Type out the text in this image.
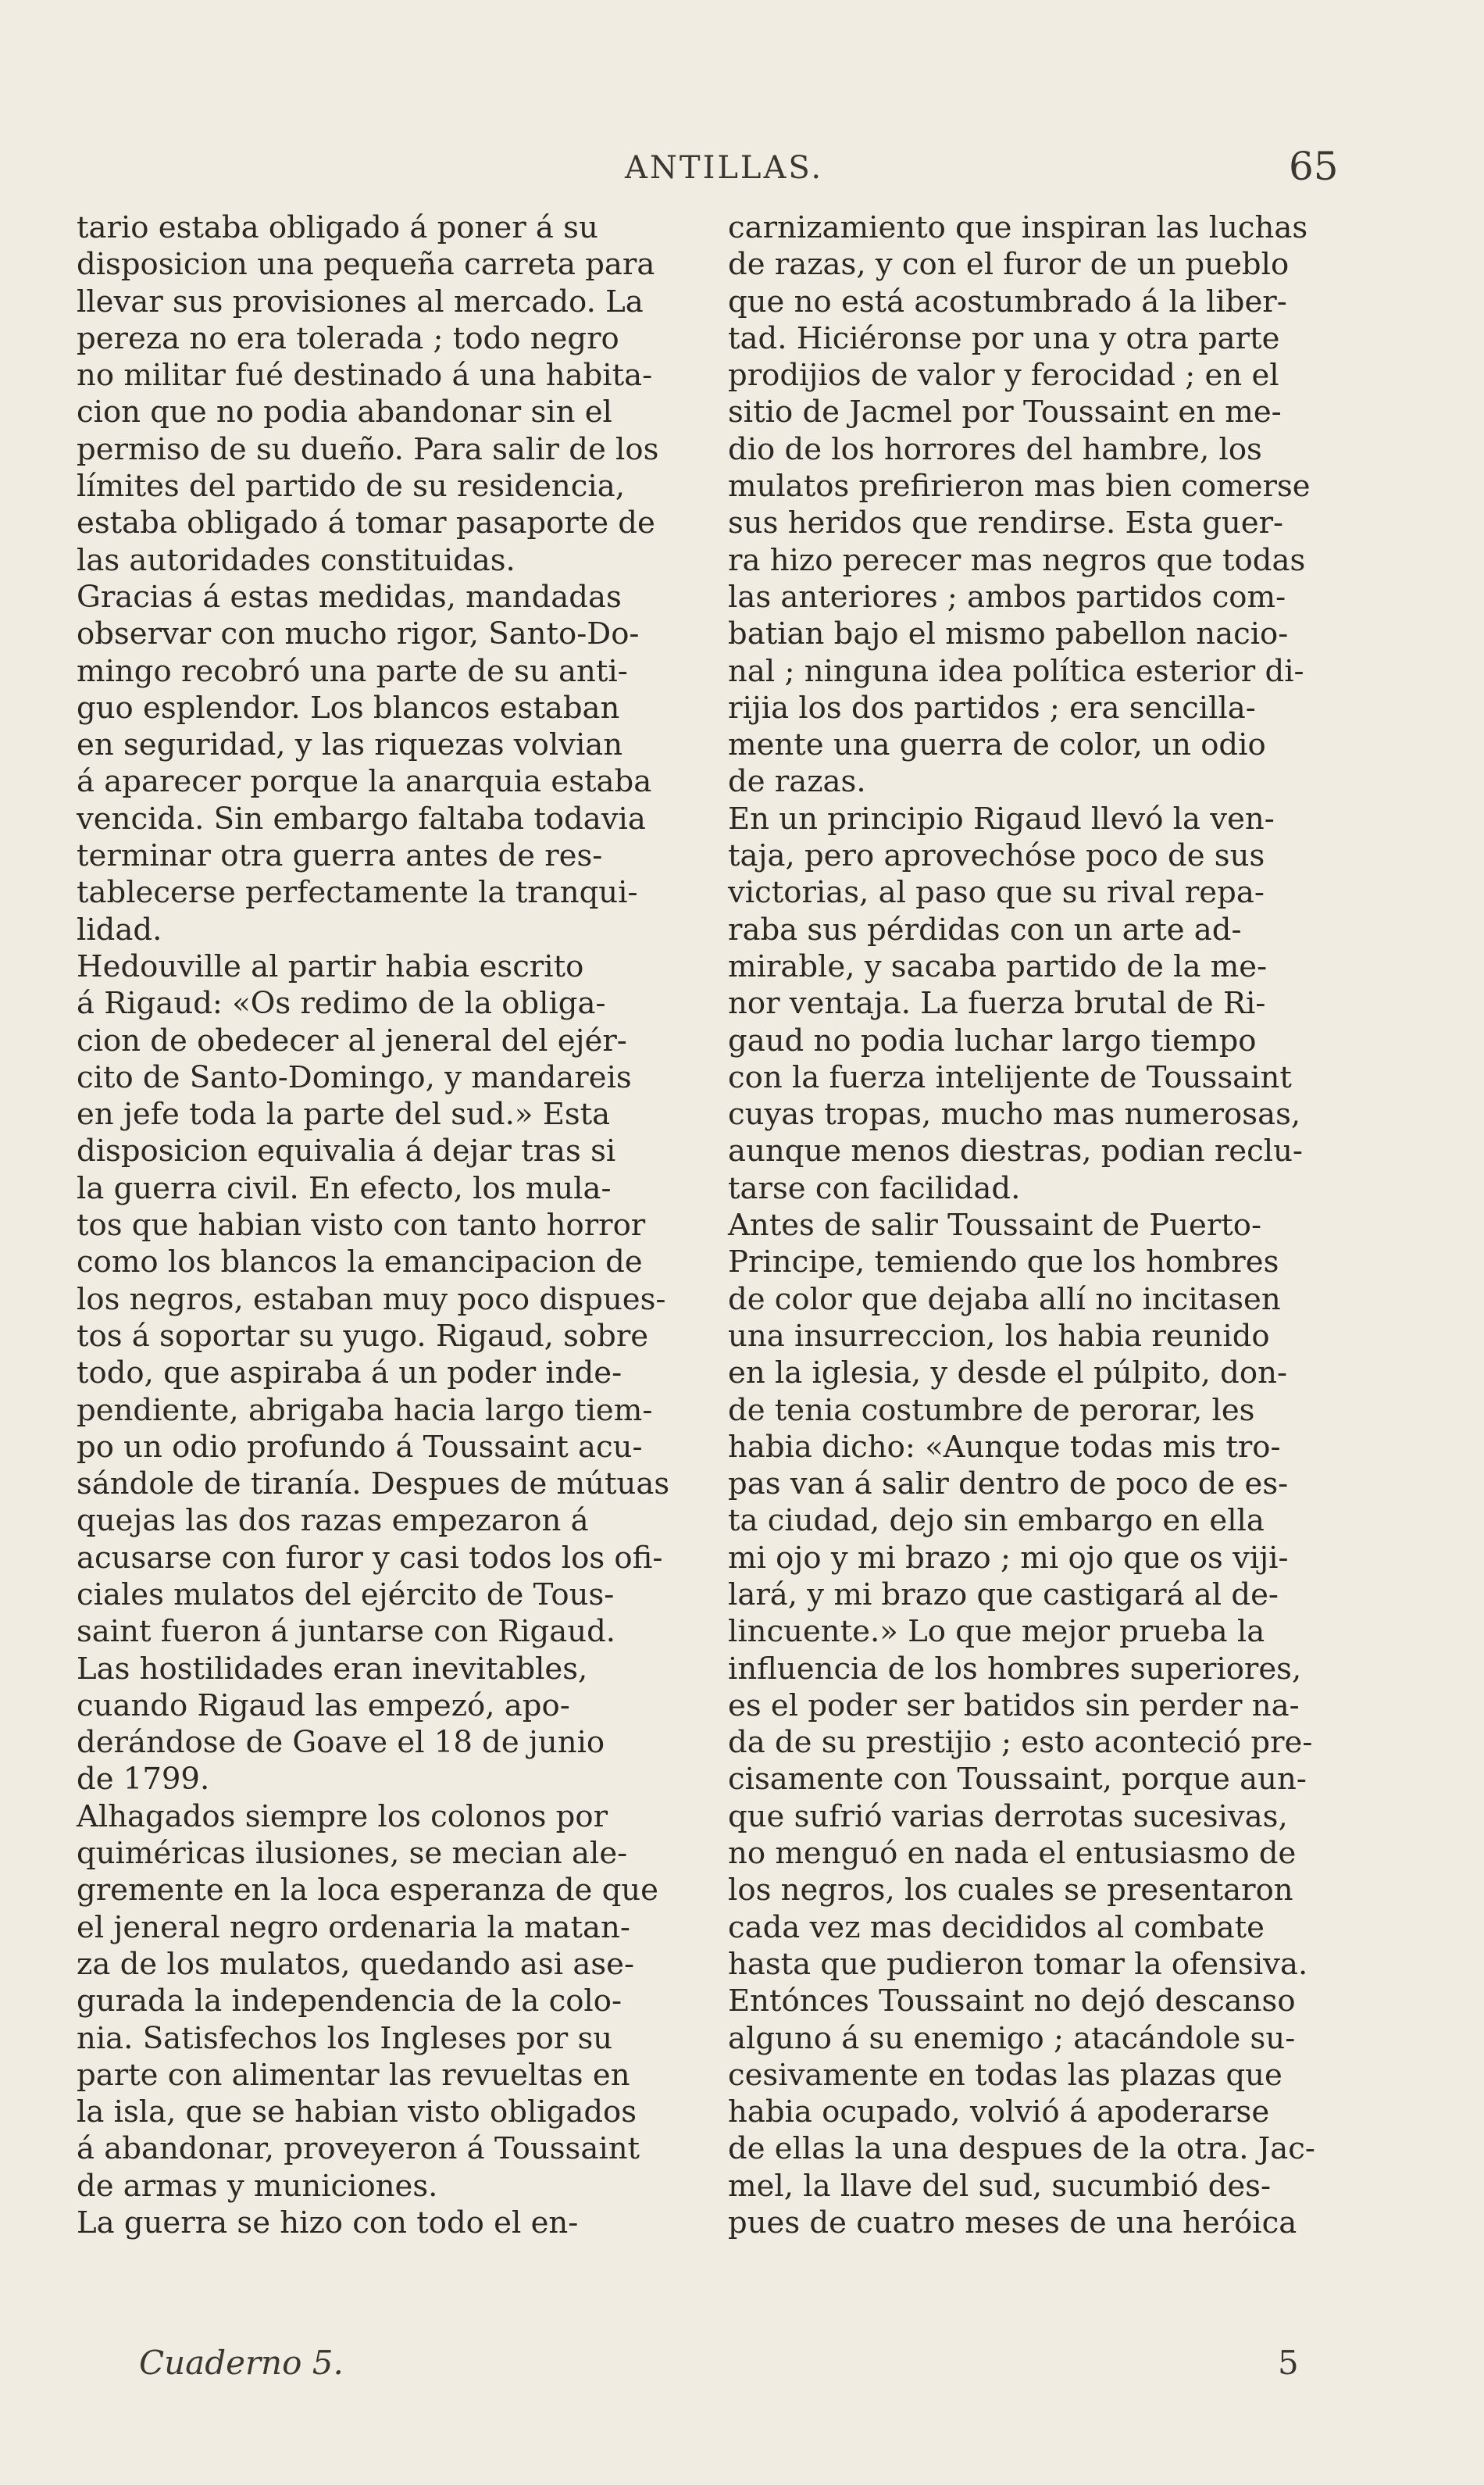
ANTILLAS.	65
tario estaba obligado á poner á su
disposicion una pequeña carreta para
llevar sus provisiones al mercado. La
pereza no era tolerada ; todo negro
no militar fué destinado á una habita-
cion que no podia abandonar sin el
permiso de su dueño. Para salir de los
límites del partido de su residencia,
estaba obligado á tomar pasaporte de
las autoridades constituidas.
Gracias á estas medidas, mandadas
observar con mucho rigor, Santo-Do-
mingo recobró una parte de su anti-
guo esplendor. Los blancos estaban
en seguridad, y las riquezas volvian
á aparecer porque la anarquia estaba
vencida. Sin embargo faltaba todavia
terminar otra guerra antes de res-
tablecerse perfectamente la tranqui-
lidad.
Hedouville al partir habia escrito
á Rigaud: «Os redimo de la obliga-
cion de obedecer al jeneral del ejér-
cito de Santo-Domingo, y mandareis
en jefe toda la parte del sud.» Esta
disposicion equivalia á dejar tras si
la guerra civil. En efecto, los mula-
tos que habian visto con tanto horror
como los blancos la emancipacion de
los negros, estaban muy poco dispues-
tos á soportar su yugo. Rigaud, sobre
todo, que aspiraba á un poder inde-
pendiente, abrigaba hacia largo tiem-
po un odio profundo á Toussaint acu-
sándole de tiranía. Despues de mútuas
quejas las dos razas empezaron á
acusarse con furor y casi todos los ofi-
ciales mulatos del ejército de Tous-
saint fueron á juntarse con Rigaud.
Las hostilidades eran inevitables,
cuando Rigaud las empezó, apo-
derándose de Goave el 18 de junio
de 1799.
Alhagados siempre los colonos por
quiméricas ilusiones, se mecian ale-
gremente en la loca esperanza de que
el jeneral negro ordenaria la matan-
za de los mulatos, quedando asi ase-
gurada la independencia de la colo-
nia. Satisfechos los Ingleses por su
parte con alimentar las revueltas en
la isla, que se habian visto obligados
á abandonar, proveyeron á Toussaint
de armas y municiones.
La guerra se hizo con todo el en-
carnizamiento que inspiran las luchas
de razas, y con el furor de un pueblo
que no está acostumbrado á la liber-
tad. Hiciéronse por una y otra parte
prodijios de valor y ferocidad ; en el
sitio de Jacmel por Toussaint en me-
dio de los horrores del hambre, los
mulatos prefirieron mas bien comerse
sus heridos que rendirse. Esta guer-
ra hizo perecer mas negros que todas
las anteriores ; ambos partidos com-
batian bajo el mismo pabellon nacio-
nal ; ninguna idea política esterior di-
rijia los dos partidos ; era sencilla-
mente una guerra de color, un odio
de razas.
En un principio Rigaud llevó la ven-
taja, pero aprovechóse poco de sus
victorias, al paso que su rival repa-
raba sus pérdidas con un arte ad-
mirable, y sacaba partido de la me-
nor ventaja. La fuerza brutal de Ri-
gaud no podia luchar largo tiempo
con la fuerza intelijente de Toussaint
cuyas tropas, mucho mas numerosas,
aunque menos diestras, podian reclu-
tarse con facilidad.
Antes de salir Toussaint de Puerto-
Principe, temiendo que los hombres
de color que dejaba allí no incitasen
una insurreccion, los habia reunido
en la iglesia, y desde el púlpito, don-
de tenia costumbre de perorar, les
habia dicho: «Aunque todas mis tro-
pas van á salir dentro de poco de es-
ta ciudad, dejo sin embargo en ella
mi ojo y mi brazo ; mi ojo que os viji-
lará, y mi brazo que castigará al de-
lincuente.» Lo que mejor prueba la
influencia de los hombres superiores,
es el poder ser batidos sin perder na-
da de su prestijio ; esto aconteció pre-
cisamente con Toussaint, porque aun-
que sufrió varias derrotas sucesivas,
no menguó en nada el entusiasmo de
los negros, los cuales se presentaron
cada vez mas decididos al combate
hasta que pudieron tomar la ofensiva.
Entónces Toussaint no dejó descanso
alguno á su enemigo ; atacándole su-
cesivamente en todas las plazas que
habia ocupado, volvió á apoderarse
de ellas la una despues de la otra. Jac-
mel, la llave del sud, sucumbió des-
pues de cuatro meses de una heróica
Cuaderno 5.	5
